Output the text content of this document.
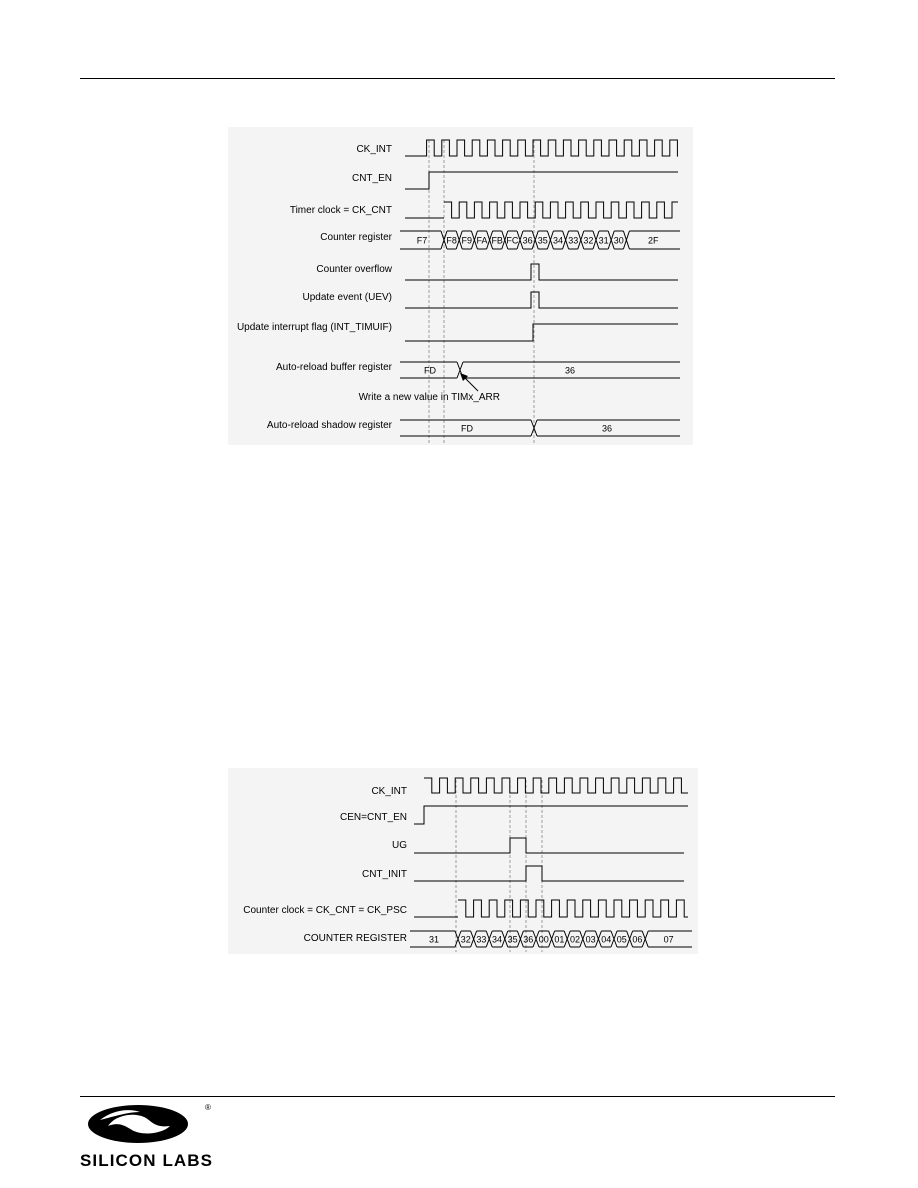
CK_INT
CNT_EN
Timer clock = CK_CNT
Counter register	F7 F8 F9 FA FB FC 36 35 34 33 32 31 30	2F
Counter overflow
Update event (UEV)
Update interrupt flag (INT_TIMUIF)
Auto-reload buffer register	FD	36
Write a new value in TIMx_ARR
Auto-reload shadow register	FD	36
CK_INT
CEN=CNT_EN
UG
CNT_INIT
Counter clock = CK_CNT = CK_PSC
COUNTER REGISTER 31 32 33 34 35 36 00 01 02 03 04 05 06 07
®
SILICON LABS
